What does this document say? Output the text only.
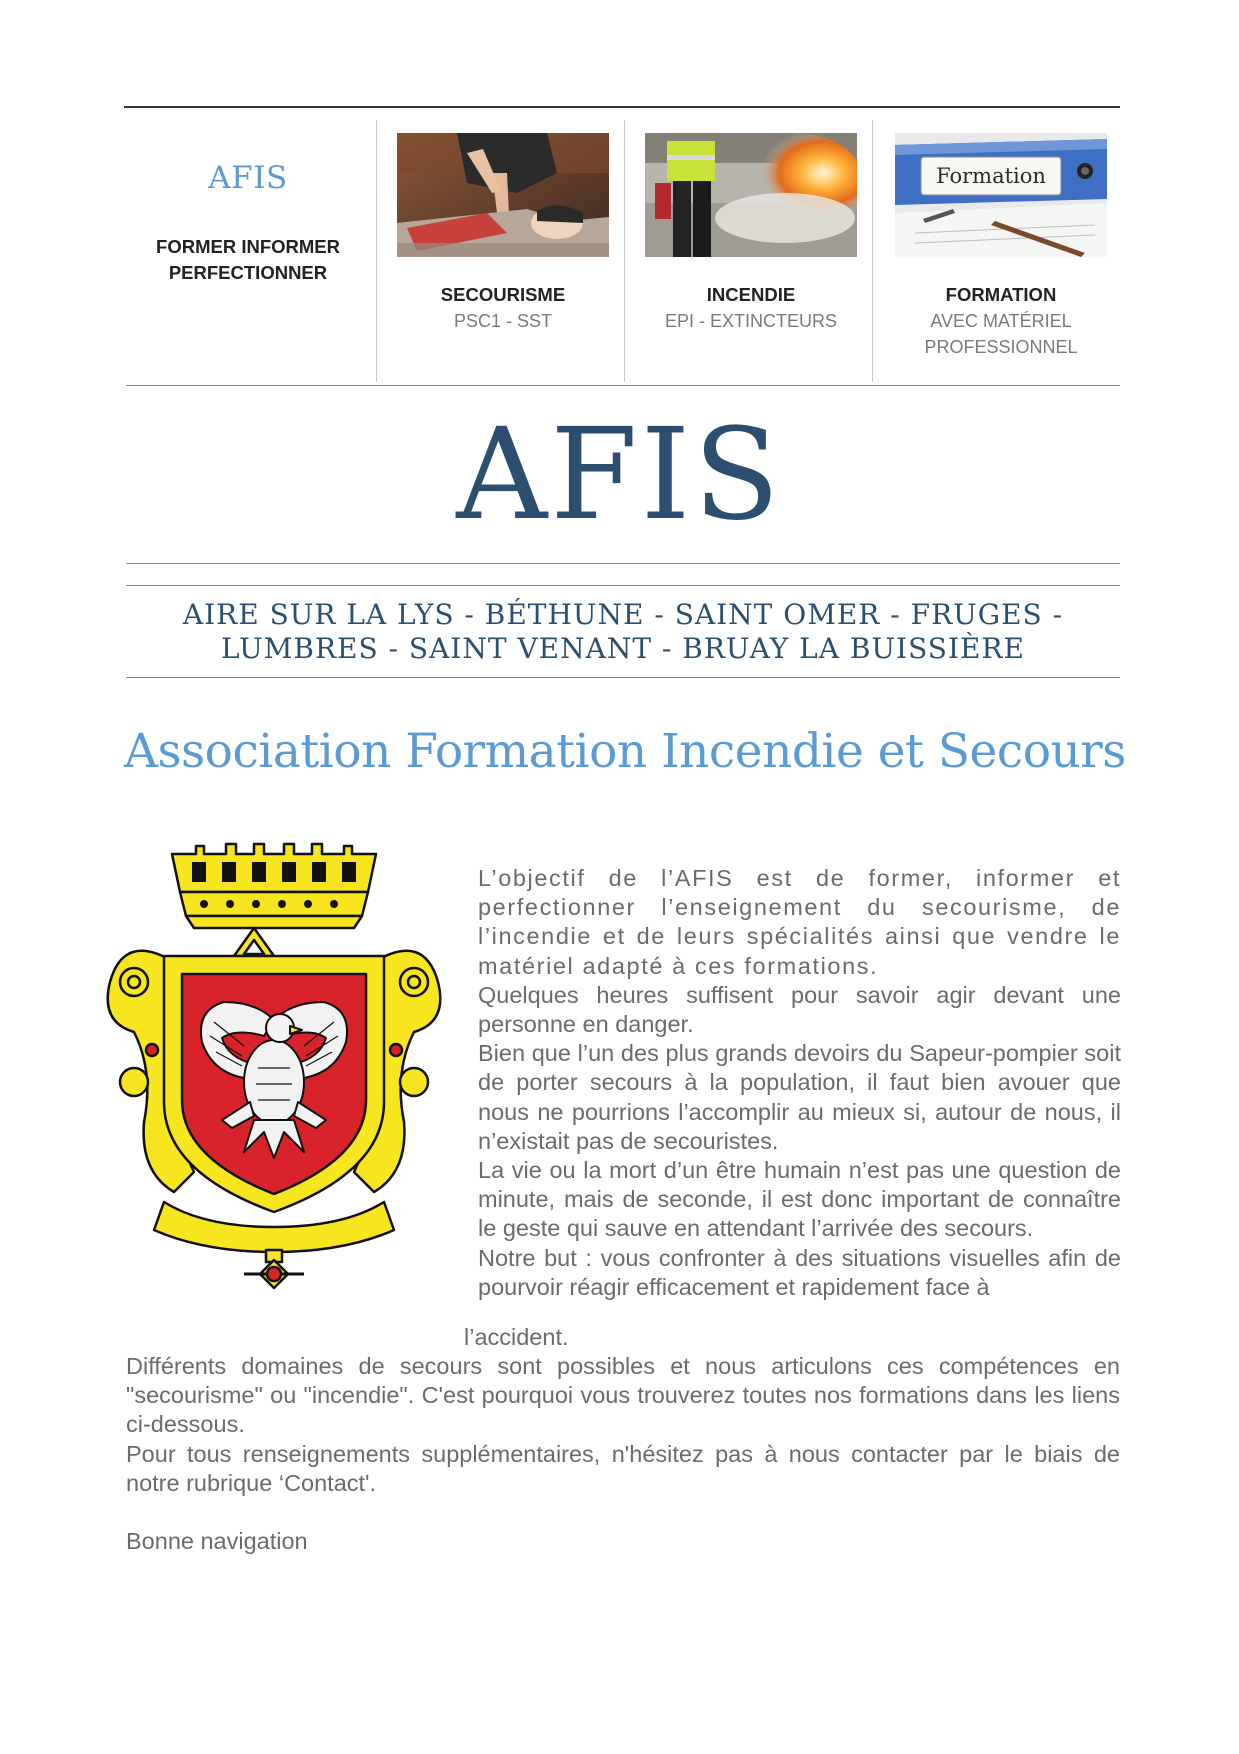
AFIS
FORMER INFORMER
PERFECTIONNER
SECOURISME
PSC1 - SST
INCENDIE
EPI - EXTINCTEURS
Formation
FORMATION
AVEC MATÉRIEL
PROFESSIONNEL
AFIS
AIRE SUR LA LYS - BÉTHUNE - SAINT OMER - FRUGES -
LUMBRES - SAINT VENANT - BRUAY LA BUISSIÈRE
Association Formation Incendie et Secours

L’objectif de l’AFIS est de former, informer et perfectionner l’enseignement du secourisme, de l’incendie et de leurs spécialités ainsi que vendre le matériel adapté à ces formations.

Quelques heures suffisent pour savoir agir devant une personne en danger.

Bien que l’un des plus grands devoirs du Sapeur-pompier soit de porter secours à la population, il faut bien avouer que nous ne pourrions l’accomplir au mieux si, autour de nous, il n’existait pas de secouristes.

La vie ou la mort d’un être humain n’est pas une question de minute, mais de seconde, il est donc important de connaître le geste qui sauve en attendant l’arrivée des secours.

Notre but : vous confronter à des situations visuelles afin de pourvoir réagir efficacement et rapidement face à

l’accident.

Différents domaines de secours sont possibles et nous articulons ces compétences en "secourisme" ou "incendie". C'est pourquoi vous trouverez toutes nos formations dans les liens ci-dessous.

Pour tous renseignements supplémentaires, n'hésitez pas à nous contacter par le biais de notre rubrique ‘Contact'.

Bonne navigation
